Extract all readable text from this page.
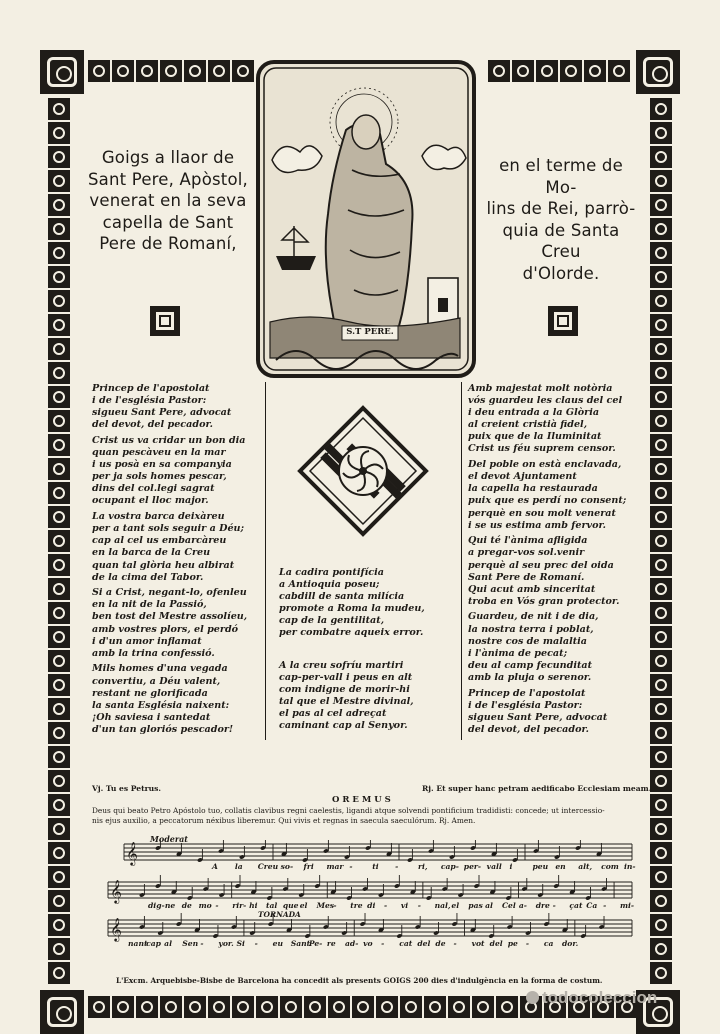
S.T PERE.
Goigs a llaor de
Sant Pere, Apòstol,
venerat en la seva
capella de Sant
Pere de Romaní,
en el terme de Mo-
lins de Rei, parrò-
quia de Santa Creu
d'Olorde.
Princep de l'apostolat
i de l'església Pastor:
sigueu Sant Pere, advocat
del devot, del pecador.
Crist us va cridar un bon dia
quan pescàveu en la mar
i us posà en sa companyia
per ja sols homes pescar,
dins del col.legi sagrat
ocupant el lloc major.
La vostra barca deixàreu
per a tant sols seguir a Déu;
cap al cel us embarcàreu
en la barca de la Creu
quan tal glòria heu albirat
de la cima del Tabor.
Si a Crist, negant-lo, ofenleu
en la nit de la Passió,
ben tost del Mestre assolíeu,
amb vostres plors, el perdó
i d'un amor inflamat
amb la trina confessió.
Mils homes d'una vegada
convertiu, a Déu valent,
restant ne glorificada
la santa Església naixent:
¡Oh saviesa i santedat
d'un tan gloriós pescador!
La cadira pontifícia
a Antioquia poseu;
cabdill de santa milícia
promote a Roma la mudeu,
cap de la gentilitat,
per combatre aqueix error.
A la creu sofríu martiri
cap-per-vall i peus en alt
com indigne de morir-hi
tal que el Mestre divinal,
el pas al cel adreçat
caminant cap al Senyor.
Amb majestat molt notòria
vós guardeu les claus del cel
i deu entrada a la Glòria
al creient cristià fidel,
puix que de la Iluminitat
Crist us féu suprem censor.
Del poble on està enclavada,
el devot Ajuntament
la capella ha restaurada
puix que es perdí no consent;
perquè en sou molt venerat
i se us estima amb fervor.
Qui té l'ànima afligida
a pregar-vos sol.venir
perquè al seu prec del oida
Sant Pere de Romaní.
Qui acut amb sinceritat
troba en Vós gran protector.
Guardeu, de nit i de dia,
la nostra terra i poblat,
nostre cos de malaltia
i l'ànima de pecat;
deu al camp fecunditat
amb la pluja o serenor.
Princep de l'apostolat
i de l'església Pastor:
sigueu Sant Pere, advocat
del devot, del pecador.
Vj. Tu es Petrus.	Rj. Et super hanc petram aedificabo Ecclesiam meam.
O R E M U S
Deus qui beato Petro Apóstolo tuo, collatis clavibus regni caelestis, ligandi atque solvendi pontificium tradidisti: concede; ut intercessio-
nis ejus auxilio, a peccatorum néxibus liberemur. Qui vivis et regnas in saecula saeculórum. Rj. Amen.
Moderat
TORNADA
𝄞
𝄞
𝄞
A la Creu so- fri mar -	ti -	ri, cap- per- vall i	peu en alt, com in-
dig- ne de mo - rir- hi tal que el Mes - tre di - vi - nal, el pas al Cel a- dre - çat Ca - mi-
nant
cap al Sen - yor. Si - eu Sant
Pe- re ad- vo - cat del de - vot del pe - ca dor.
L'Excm. Arquebisbe-Bisbe de Barcelona ha concedit als presents GOIGS 200 dies d'indulgència en la forma de costum.
todocoleccion
